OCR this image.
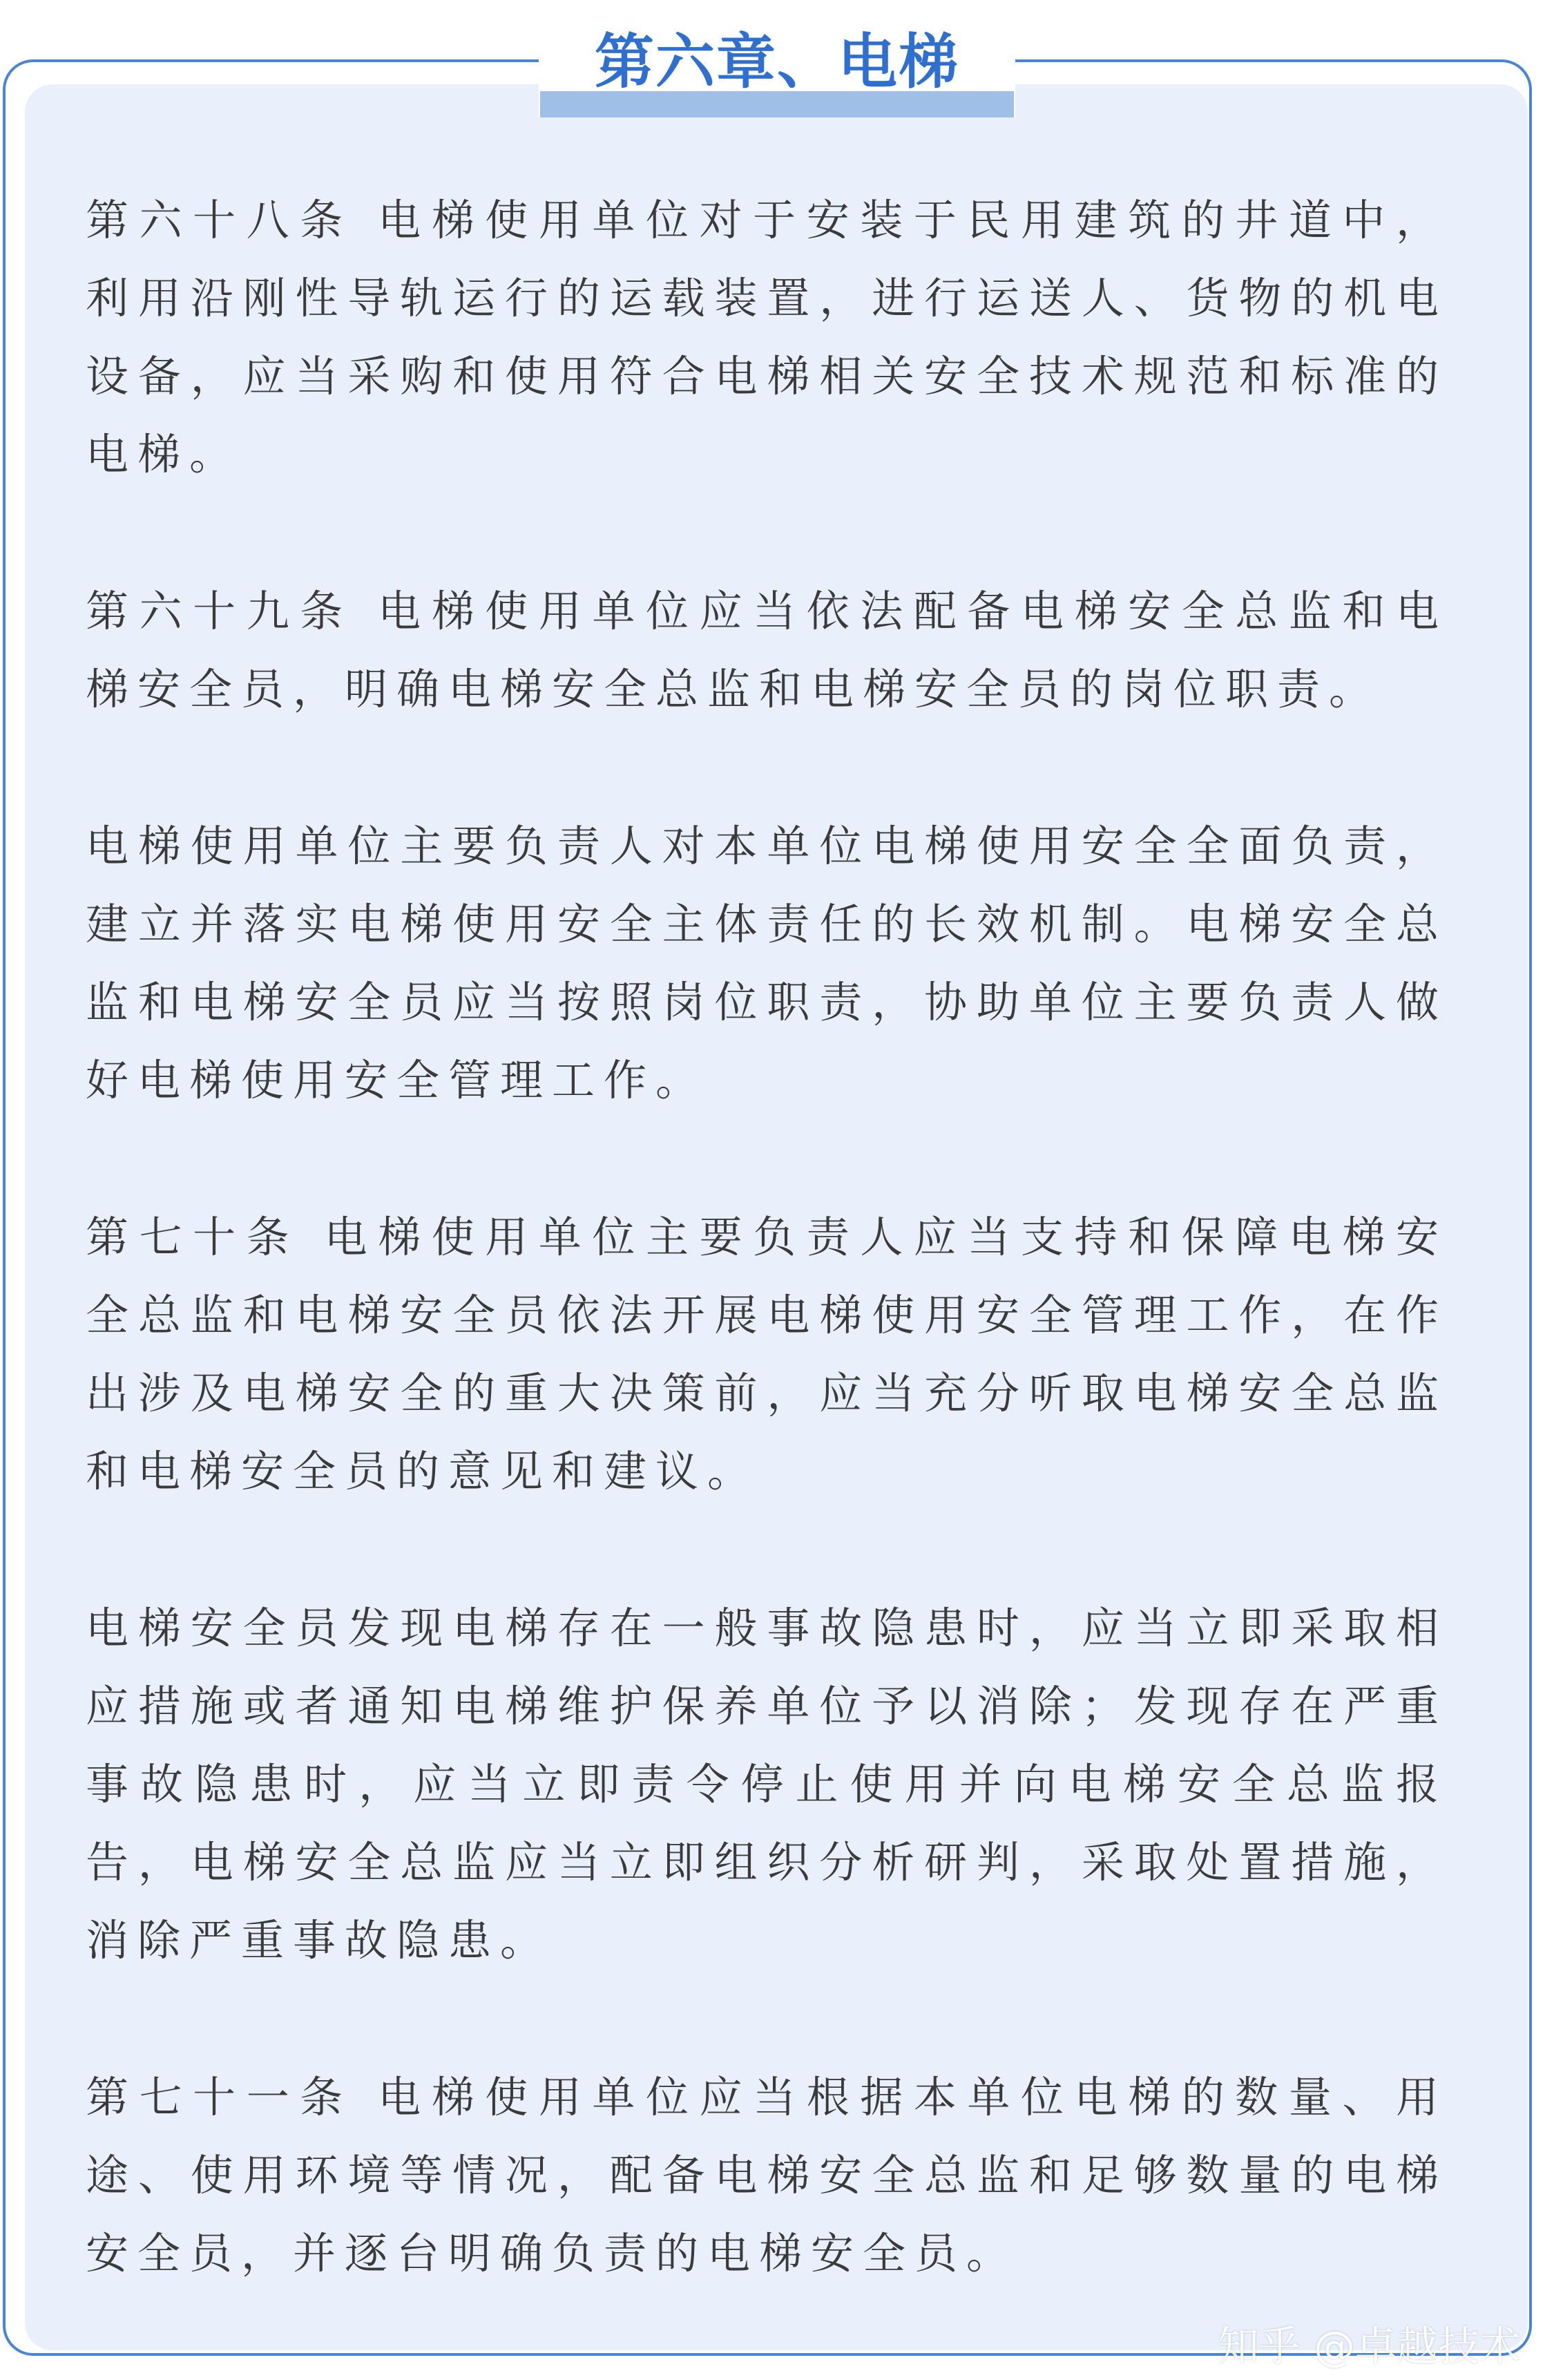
第六章、电梯

第六十八条 电梯使用单位对于安装于民用建筑的井道中，利用沿刚性导轨运行的运载装置，进行运送人、货物的机电设备，应当采购和使用符合电梯相关安全技术规范和标准的电梯。

第六十九条 电梯使用单位应当依法配备电梯安全总监和电梯安全员，明确电梯安全总监和电梯安全员的岗位职责。

电梯使用单位主要负责人对本单位电梯使用安全全面负责，建立并落实电梯使用安全主体责任的长效机制。电梯安全总监和电梯安全员应当按照岗位职责，协助单位主要负责人做好电梯使用安全管理工作。

第七十条 电梯使用单位主要负责人应当支持和保障电梯安全总监和电梯安全员依法开展电梯使用安全管理工作，在作出涉及电梯安全的重大决策前，应当充分听取电梯安全总监和电梯安全员的意见和建议。

电梯安全员发现电梯存在一般事故隐患时，应当立即采取相应措施或者通知电梯维护保养单位予以消除；发现存在严重事故隐患时，应当立即责令停止使用并向电梯安全总监报告，电梯安全总监应当立即组织分析研判，采取处置措施，消除严重事故隐患。

第七十一条 电梯使用单位应当根据本单位电梯的数量、用途、使用环境等情况，配备电梯安全总监和足够数量的电梯安全员，并逐台明确负责的电梯安全员。

知乎 @卓越技术
